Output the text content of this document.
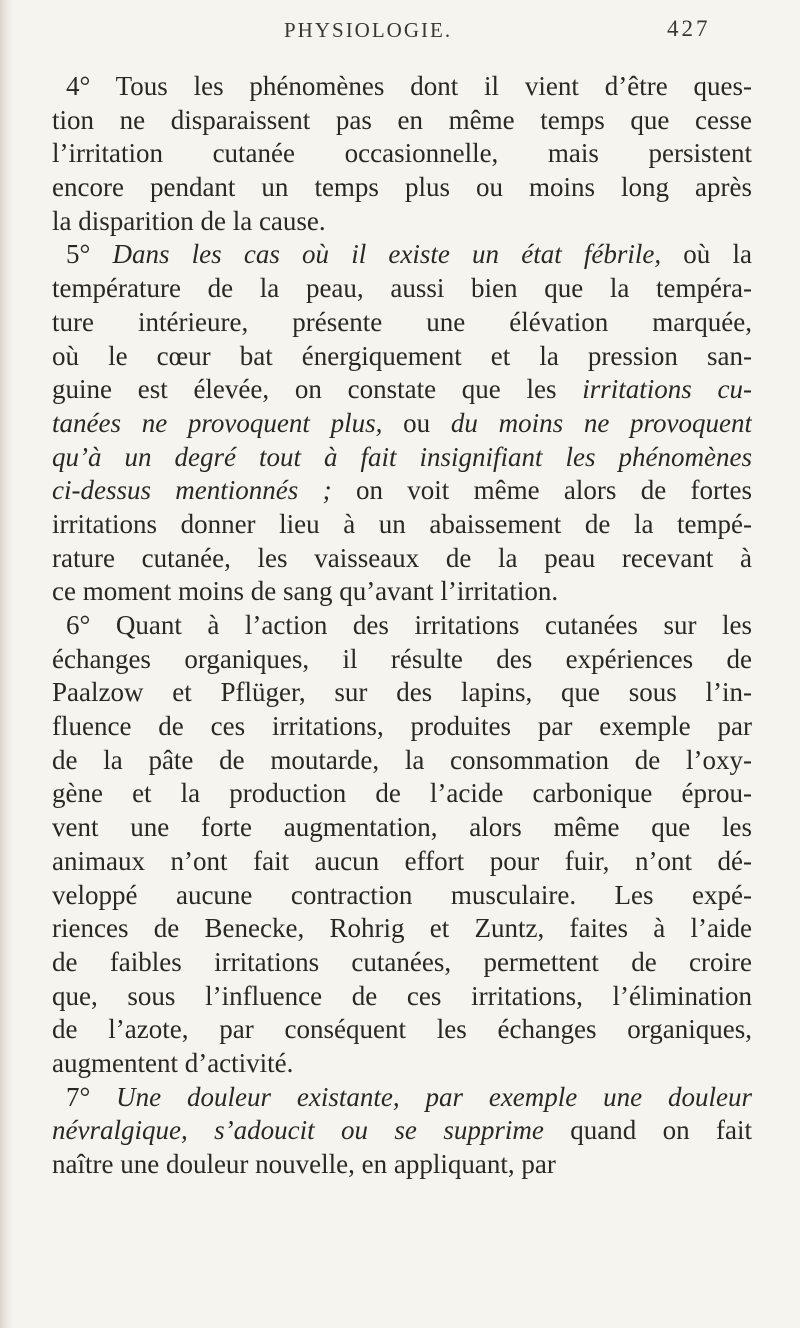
PHYSIOLOGIE.	427
4° Tous les phénomènes dont il vient d’être ques-
tion ne disparaissent pas en même temps que cesse
l’irritation cutanée occasionnelle, mais persistent
encore pendant un temps plus ou moins long après
la disparition de la cause.
5° Dans les cas où il existe un état fébrile, où la
température de la peau, aussi bien que la tempéra-
ture intérieure, présente une élévation marquée,
où le cœur bat énergiquement et la pression san-
guine est élevée, on constate que les irritations cu-
tanées ne provoquent plus, ou du moins ne provoquent
qu’à un degré tout à fait insignifiant les phénomènes
ci-dessus mentionnés ; on voit même alors de fortes
irritations donner lieu à un abaissement de la tempé-
rature cutanée, les vaisseaux de la peau recevant à
ce moment moins de sang qu’avant l’irritation.
6° Quant à l’action des irritations cutanées sur les
échanges organiques, il résulte des expériences de
Paalzow et Pflüger, sur des lapins, que sous l’in-
fluence de ces irritations, produites par exemple par
de la pâte de moutarde, la consommation de l’oxy-
gène et la production de l’acide carbonique éprou-
vent une forte augmentation, alors même que les
animaux n’ont fait aucun effort pour fuir, n’ont dé-
veloppé aucune contraction musculaire. Les expé-
riences de Benecke, Rohrig et Zuntz, faites à l’aide
de faibles irritations cutanées, permettent de croire
que, sous l’influence de ces irritations, l’élimination
de l’azote, par conséquent les échanges organiques,
augmentent d’activité.
7° Une douleur existante, par exemple une douleur
névralgique, s’adoucit ou se supprime quand on fait
naître une douleur nouvelle, en appliquant, par
